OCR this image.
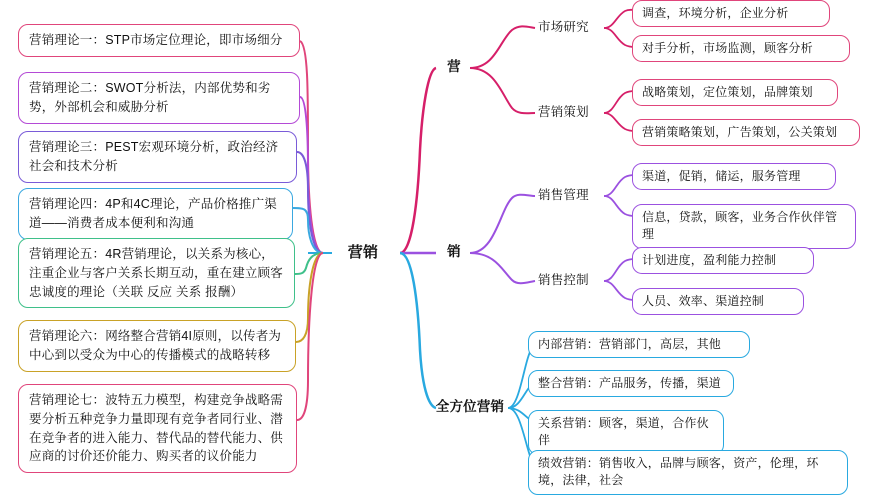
营销
营销理论一：STP市场定位理论，即市场细分
营销理论二：SWOT分析法，内部优势和劣势，外部机会和威胁分析
营销理论三：PEST宏观环境分析，政治经济社会和技术分析
营销理论四：4P和4C理论，产品价格推广渠道——消费者成本便利和沟通
营销理论五：4R营销理论，以关系为核心，注重企业与客户关系长期互动，重在建立顾客忠诚度的理论（关联 反应 关系 报酬）
营销理论六：网络整合营销4I原则，以传者为中心到以受众为中心的传播模式的战略转移
营销理论七：波特五力模型，构建竞争战略需要分析五种竞争力量即现有竞争者同行业、潜在竞争者的进入能力、替代品的替代能力、供应商的讨价还价能力、购买者的议价能力
营
销
全方位营销
市场研究
营销策划
销售管理
销售控制
调查，环境分析，企业分析
对手分析，市场监测，顾客分析
战略策划，定位策划，品牌策划
营销策略策划，广告策划，公关策划
渠道，促销，储运，服务管理
信息，贷款，顾客，业务合作伙伴管理
计划进度，盈利能力控制
人员、效率、渠道控制
内部营销：营销部门，高层，其他
整合营销：产品服务，传播，渠道
关系营销：顾客，渠道，合作伙伴
绩效营销：销售收入，品牌与顾客，资产，伦理，环境，法律，社会
